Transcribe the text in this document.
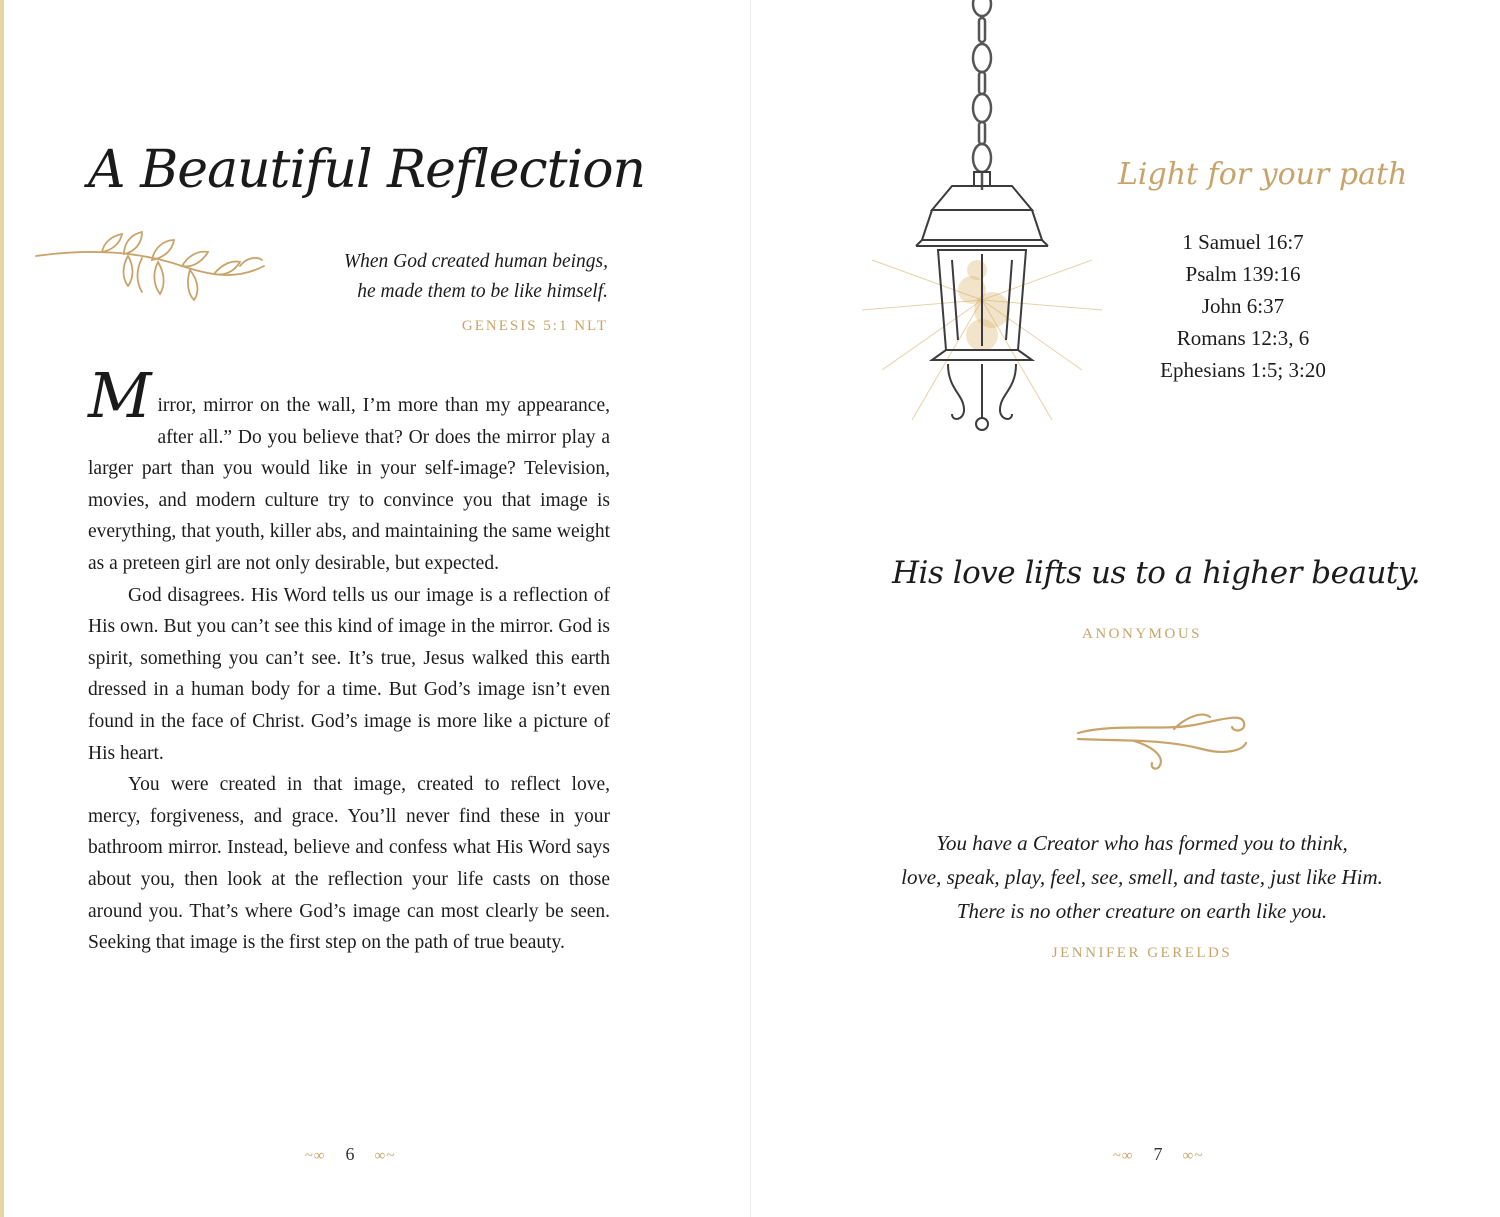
A Beautiful Reflection
When God created human beings,
he made them to be like himself.
GENESIS 5:1 NLT

Mirror, mirror on the wall, I’m more than my appearance, after all.” Do you believe that? Or does the mirror play a larger part than you would like in your self-image? Television, movies, and modern culture try to convince you that image is everything, that youth, killer abs, and maintaining the same weight as a preteen girl are not only desirable, but expected.

God disagrees. His Word tells us our image is a reflection of His own. But you can’t see this kind of image in the mirror. God is spirit, something you can’t see. It’s true, Jesus walked this earth dressed in a human body for a time. But God’s image isn’t even found in the face of Christ. God’s image is more like a picture of His heart.

You were created in that image, created to reflect love, mercy, forgiveness, and grace. You’ll never find these in your bathroom mirror. Instead, believe and confess what His Word says about you, then look at the reflection your life casts on those around you. That’s where God’s image can most clearly be seen. Seeking that image is the first step on the path of true beauty.

~∞ 6 ∞~
Light for your path
1 Samuel 16:7
Psalm 139:16
John 6:37
Romans 12:3, 6
Ephesians 1:5; 3:20
His love lifts us to a higher beauty.
ANONYMOUS
You have a Creator who has formed you to think,
love, speak, play, feel, see, smell, and taste, just like Him.
There is no other creature on earth like you.
JENNIFER GERELDS
~∞ 7 ∞~
